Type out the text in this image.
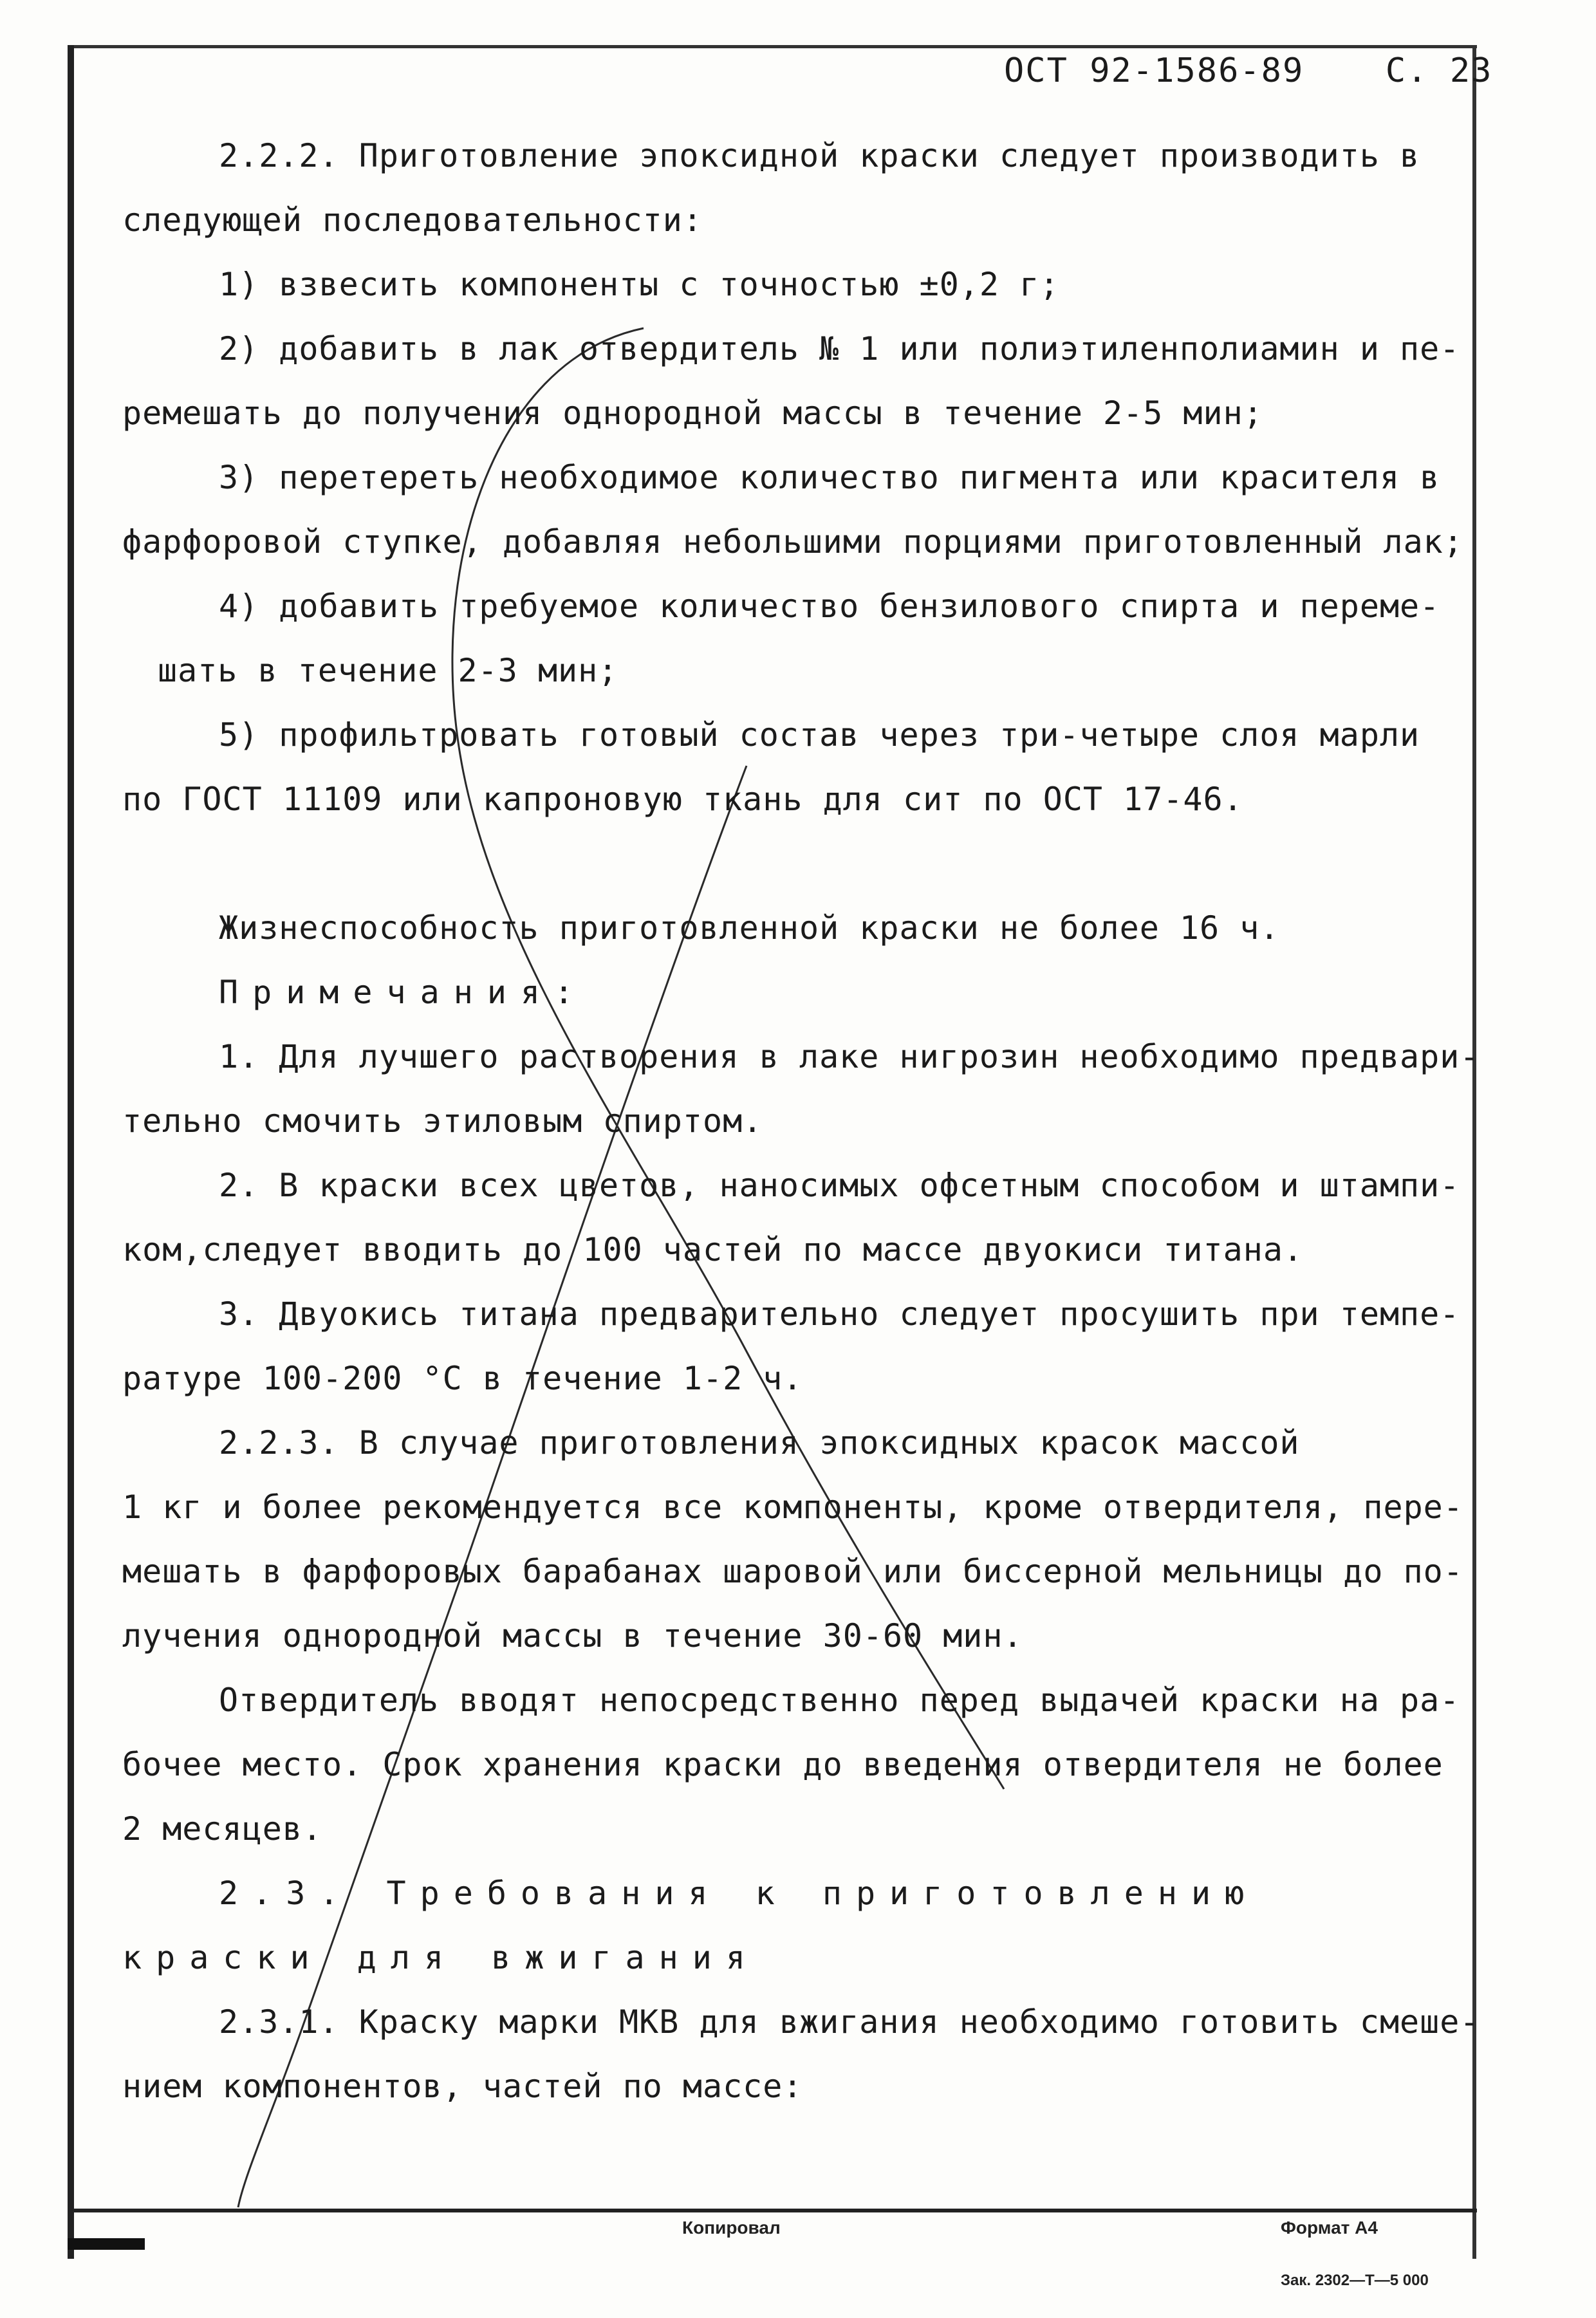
ОСТ 92-1586-89 С. 23
2.2.2. Приготовление эпоксидной краски следует производить в
следующей последовательности:
1) взвесить компоненты с точностью ±0,2 г;
2) добавить в лак отвердитель № 1 или полиэтиленполиамин и пе-
ремешать до получения однородной массы в течение 2-5 мин;
3) перетереть необходимое количество пигмента или красителя в
фарфоровой ступке, добавляя небольшими порциями приготовленный лак;
4) добавить требуемое количество бензилового спирта и переме-
шать в течение 2-3 мин;
5) профильтровать готовый состав через три-четыре слоя марли
по ГОСТ 11109 или капроновую ткань для сит по ОСТ 17-46.
Жизнеспособность приготовленной краски не более 16 ч.
Примечания:
1. Для лучшего растворения в лаке нигрозин необходимо предвари-
тельно смочить этиловым спиртом.
2. В краски всех цветов, наносимых офсетным способом и штампи-
ком,следует вводить до 100 частей по массе двуокиси титана.
3. Двуокись титана предварительно следует просушить при темпе-
ратуре 100-200 °С в течение 1-2 ч.
2.2.3. В случае приготовления эпоксидных красок массой
1 кг и более рекомендуется все компоненты, кроме отвердителя, пере-
мешать в фарфоровых барабанах шаровой или биссерной мельницы до по-
лучения однородной массы в течение 30-60 мин.
Отвердитель вводят непосредственно перед выдачей краски на ра-
бочее место. Срок хранения краски до введения отвердителя не более
2 месяцев.
2.3. Требования к приготовлению
краски для вжигания
2.3.1. Краску марки МКВ для вжигания необходимо готовить смеше-
нием компонентов, частей по массе:
Копировал	Формат А4
Зак. 2302—Т—5 000
